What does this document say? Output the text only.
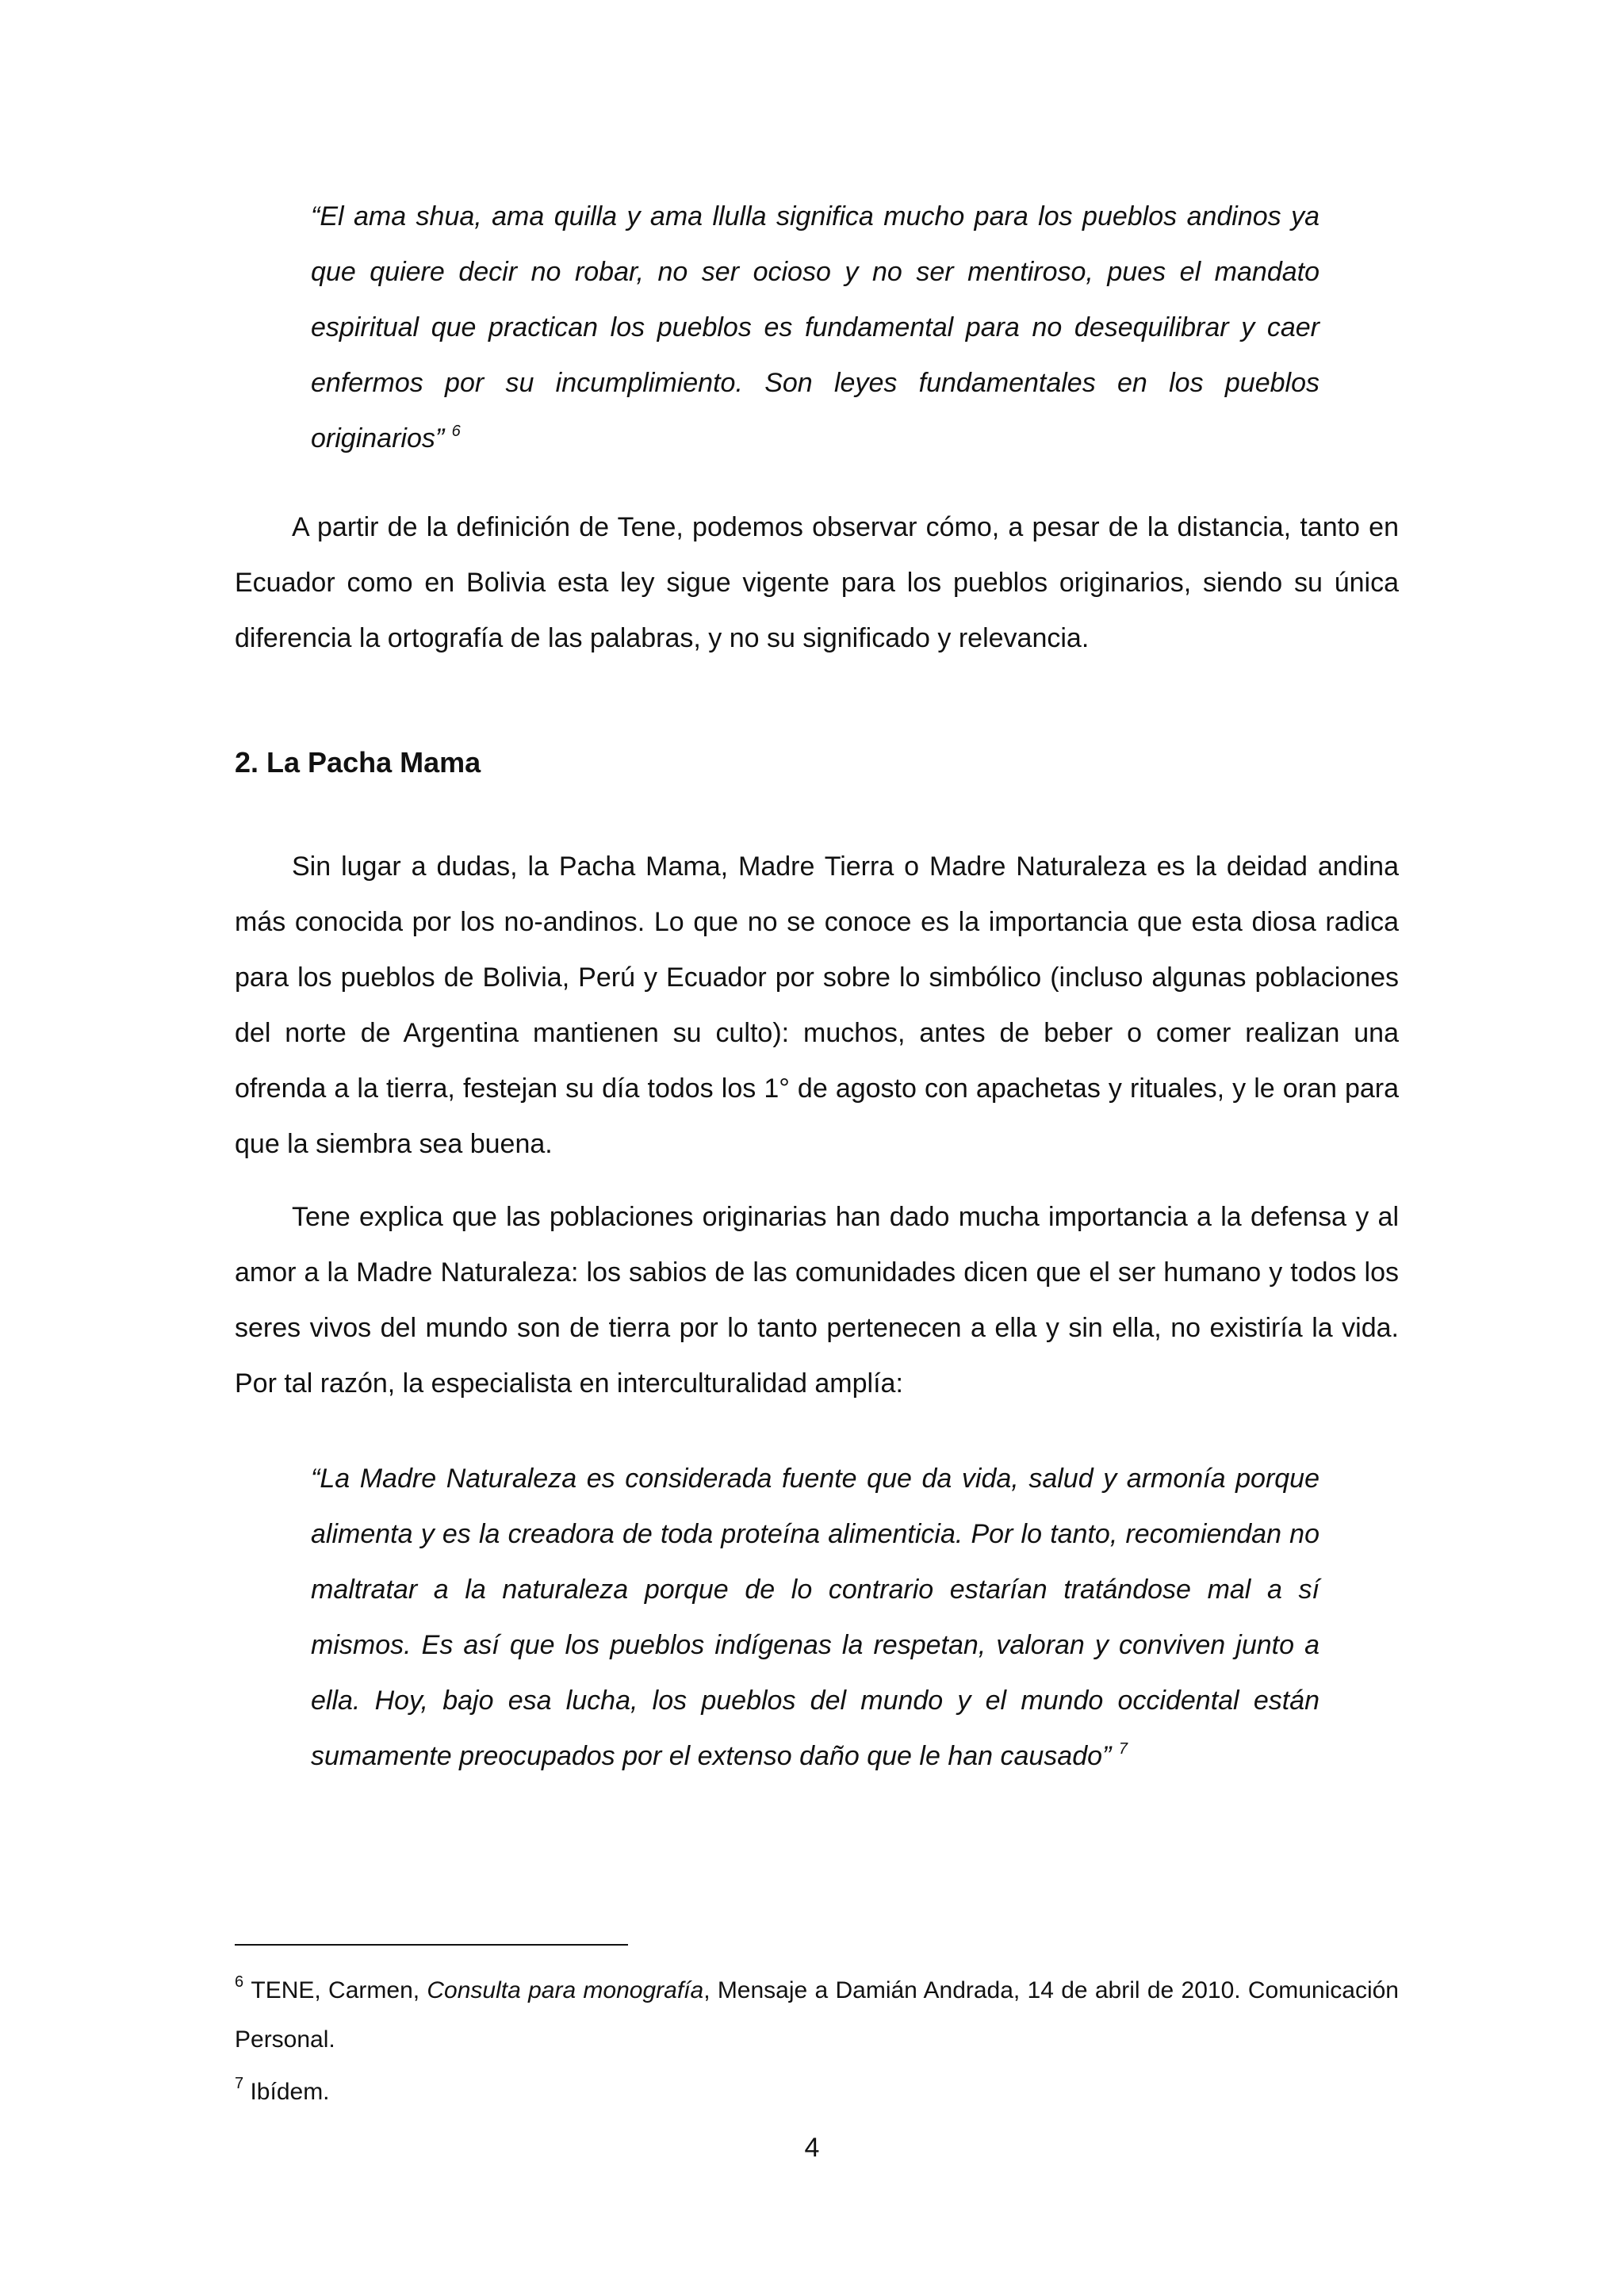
“El ama shua, ama quilla y ama llulla significa mucho para los pueblos andinos ya que quiere decir no robar, no ser ocioso y no ser mentiroso, pues el mandato espiritual que practican los pueblos es fundamental para no desequilibrar y caer enfermos por su incumplimiento. Son leyes fundamentales en los pueblos originarios” $^6$

A partir de la definición de Tene, podemos observar cómo, a pesar de la distancia, tanto en Ecuador como en Bolivia esta ley sigue vigente para los pueblos originarios, siendo su única diferencia la ortografía de las palabras, y no su significado y relevancia.

2. La Pacha Mama

Sin lugar a dudas, la Pacha Mama, Madre Tierra o Madre Naturaleza es la deidad andina más conocida por los no-andinos. Lo que no se conoce es la importancia que esta diosa radica para los pueblos de Bolivia, Perú y Ecuador por sobre lo simbólico (incluso algunas poblaciones del norte de Argentina mantienen su culto): muchos, antes de beber o comer realizan una ofrenda a la tierra, festejan su día todos los 1° de agosto con apachetas y rituales, y le oran para que la siembra sea buena.

Tene explica que las poblaciones originarias han dado mucha importancia a la defensa y al amor a la Madre Naturaleza: los sabios de las comunidades dicen que el ser humano y todos los seres vivos del mundo son de tierra por lo tanto pertenecen a ella y sin ella, no existiría la vida. Por tal razón, la especialista en interculturalidad amplía:

“La Madre Naturaleza es considerada fuente que da vida, salud y armonía porque alimenta y es la creadora de toda proteína alimenticia. Por lo tanto, recomiendan no maltratar a la naturaleza porque de lo contrario estarían tratándose mal a sí mismos. Es así que los pueblos indígenas la respetan, valoran y conviven junto a ella. Hoy, bajo esa lucha, los pueblos del mundo y el mundo occidental están sumamente preocupados por el extenso daño que le han causado” $^7$

$^6$ TENE, Carmen, Consulta para monografía, Mensaje a Damián Andrada, 14 de abril de 2010. Comunicación Personal.

$^7$ Ibídem.

4
